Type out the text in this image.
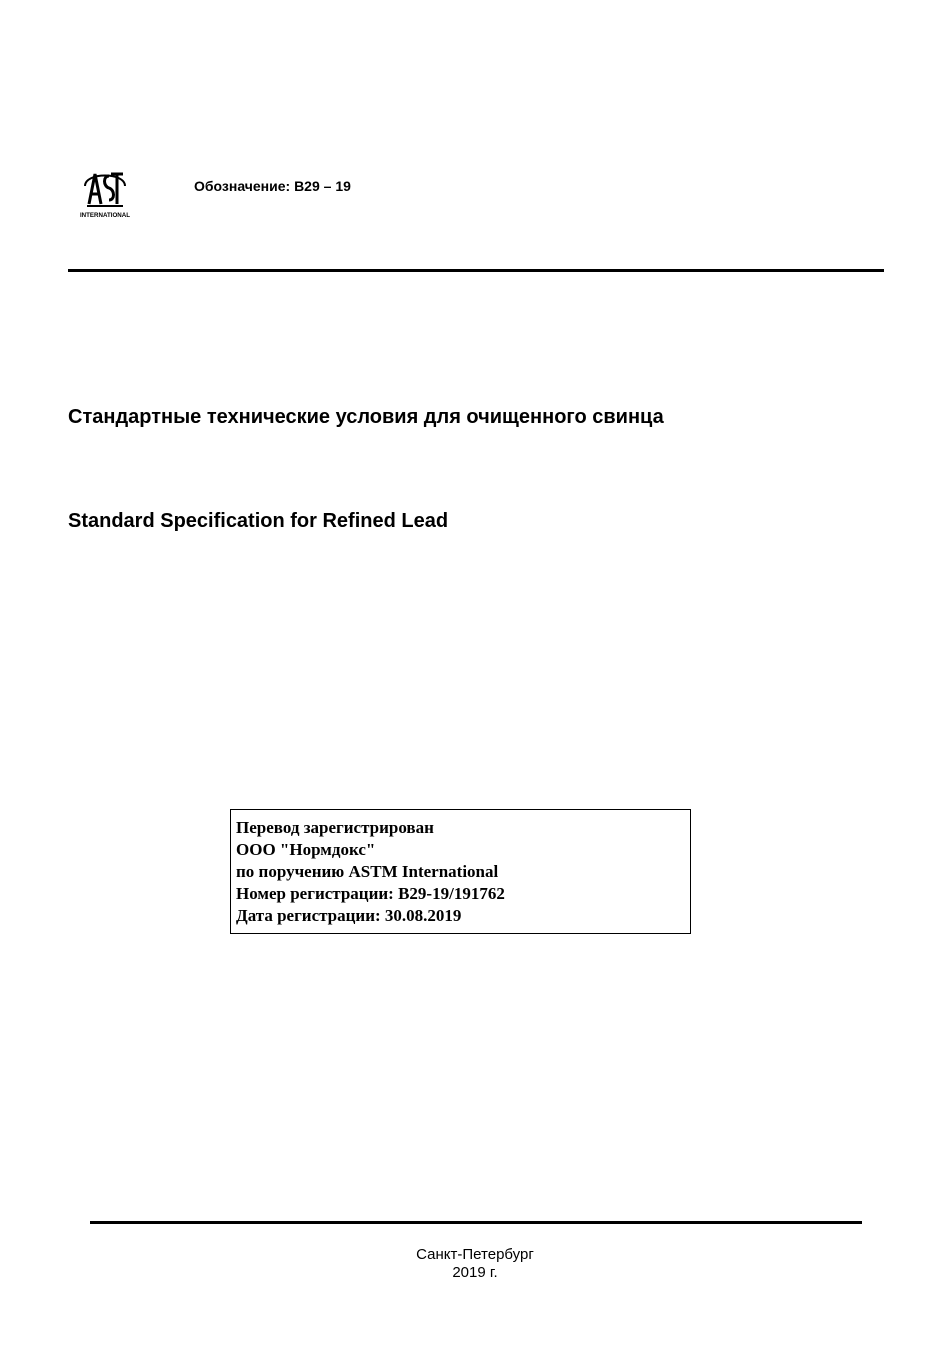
INTERNATIONAL
Обозначение: B29 – 19
Стандартные технические условия для очищенного свинца
Standard Specification for Refined Lead
Перевод зарегистрирован
ООО "Нормдокс"
по поручению ASTM International
Номер регистрации: B29-19/191762
Дата регистрации: 30.08.2019
Санкт-Петербург
2019 г.
